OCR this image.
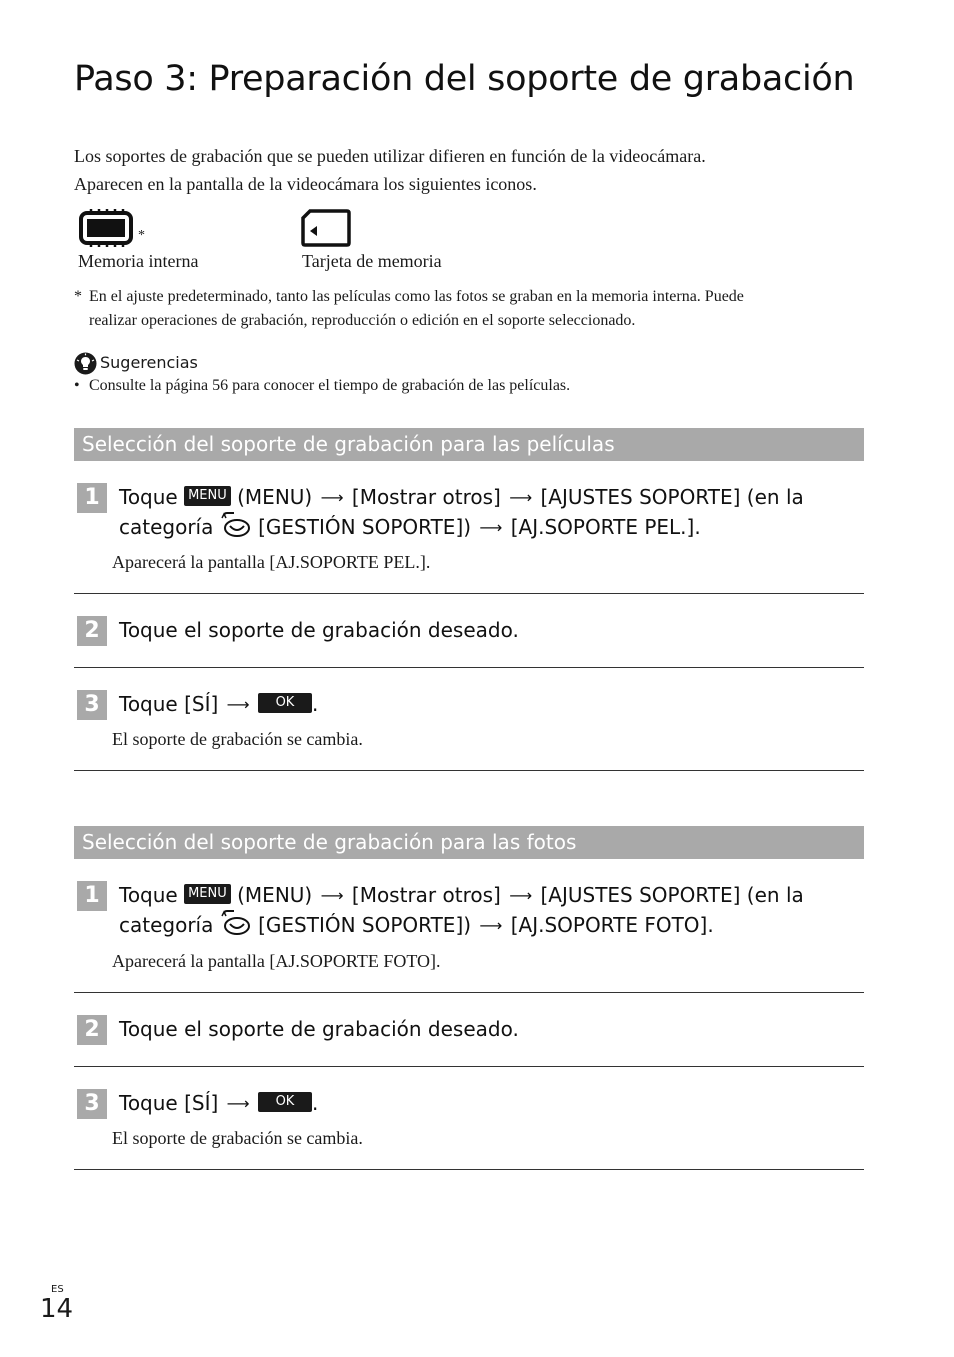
Paso 3: Preparación del soporte de grabación
Los soportes de grabación que se pueden utilizar difieren en función de la videocámara.
Aparecen en la pantalla de la videocámara los siguientes iconos.
*
Memoria interna	Tarjeta de memoria
* En el ajuste predeterminado, tanto las películas como las fotos se graban en la memoria interna. Puede
realizar operaciones de grabación, reproducción o edición en el soporte seleccionado.
Sugerencias
• Consulte la página 56 para conocer el tiempo de grabación de las películas.
Selección del soporte de grabación para las películas
1 Toque MENU (MENU) ⟶ [Mostrar otros] ⟶ [AJUSTES SOPORTE] (en la
categoría [GESTIÓN SOPORTE]) ⟶ [AJ.SOPORTE PEL.].
Aparecerá la pantalla [AJ.SOPORTE PEL.].
2 Toque el soporte de grabación deseado.
3 Toque [SÍ] ⟶ OK .
El soporte de grabación se cambia.
Selección del soporte de grabación para las fotos
1 Toque MENU (MENU) ⟶ [Mostrar otros] ⟶ [AJUSTES SOPORTE] (en la
categoría [GESTIÓN SOPORTE]) ⟶ [AJ.SOPORTE FOTO].
Aparecerá la pantalla [AJ.SOPORTE FOTO].
2 Toque el soporte de grabación deseado.
3 Toque [SÍ] ⟶ OK .
El soporte de grabación se cambia.
ES
14
